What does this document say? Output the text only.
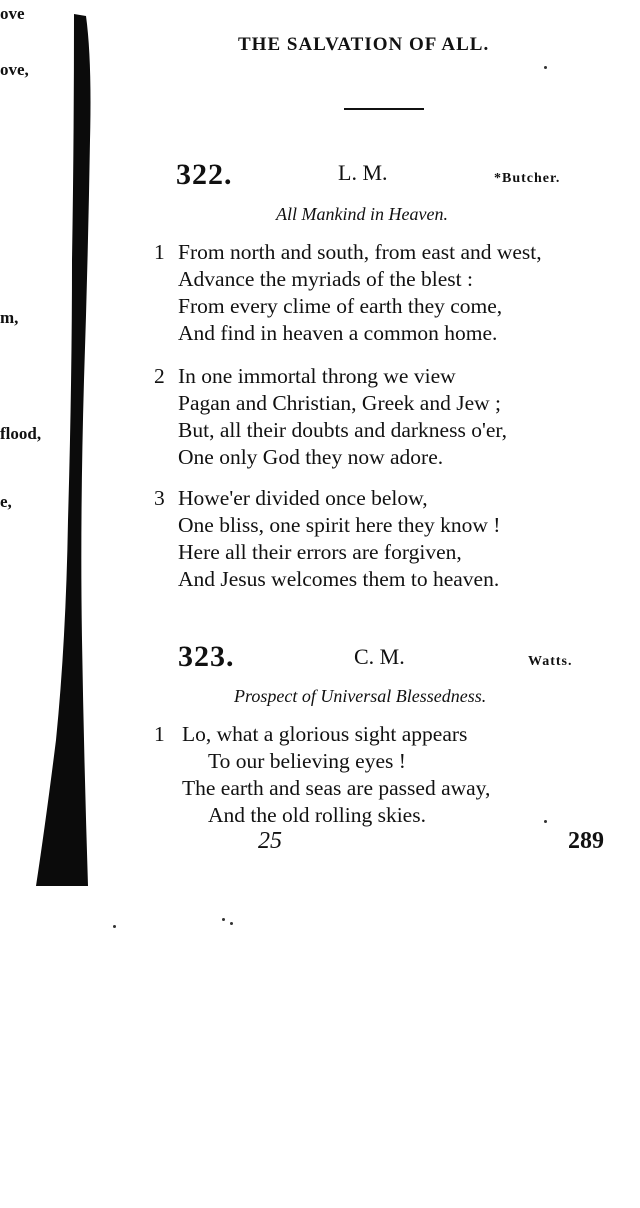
ove
ove,
m,
flood,
e,
THE SALVATION OF ALL.
322.	L. M.	*Butcher.
All Mankind in Heaven.
1 From north and south, from east and west,
Advance the myriads of the blest :
From every clime of earth they come,
And find in heaven a common home.
2 In one immortal throng we view
Pagan and Christian, Greek and Jew ;
But, all their doubts and darkness o'er,
One only God they now adore.
3 Howe'er divided once below,
One bliss, one spirit here they know !
Here all their errors are forgiven,
And Jesus welcomes them to heaven.
323.	C. M.	Watts.
Prospect of Universal Blessedness.
1 Lo, what a glorious sight appears
To our believing eyes !
The earth and seas are passed away,
And the old rolling skies.
25	289
